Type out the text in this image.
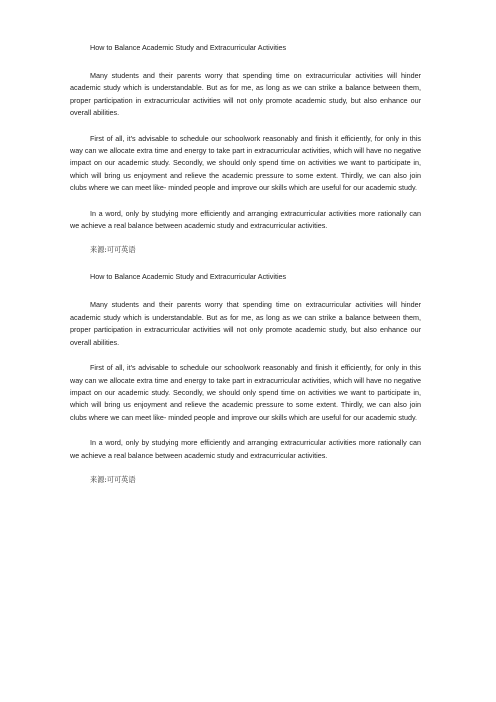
How to Balance Academic Study and Extracurricular Activities

Many students and their parents worry that spending time on extracurricular activities will hinder academic study which is understandable. But as for me, as long as we can strike a balance between them, proper participation in extracurricular activities will not only promote academic study, but also enhance our overall abilities.

First of all, it's advisable to schedule our schoolwork reasonably and finish it efficiently, for only in this way can we allocate extra time and energy to take part in extracurricular activities, which will have no negative impact on our academic study. Secondly, we should only spend time on activities we want to participate in, which will bring us enjoyment and relieve the academic pressure to some extent. Thirdly, we can also join clubs where we can meet like- minded people and improve our skills which are useful for our academic study.

In a word, only by studying more efficiently and arranging extracurricular activities more rationally can we achieve a real balance between academic study and extracurricular activities.

来源:可可英语
How to Balance Academic Study and Extracurricular Activities

Many students and their parents worry that spending time on extracurricular activities will hinder academic study which is understandable. But as for me, as long as we can strike a balance between them, proper participation in extracurricular activities will not only promote academic study, but also enhance our overall abilities.

First of all, it's advisable to schedule our schoolwork reasonably and finish it efficiently, for only in this way can we allocate extra time and energy to take part in extracurricular activities, which will have no negative impact on our academic study. Secondly, we should only spend time on activities we want to participate in, which will bring us enjoyment and relieve the academic pressure to some extent. Thirdly, we can also join clubs where we can meet like- minded people and improve our skills which are useful for our academic study.

In a word, only by studying more efficiently and arranging extracurricular activities more rationally can we achieve a real balance between academic study and extracurricular activities.

来源:可可英语
